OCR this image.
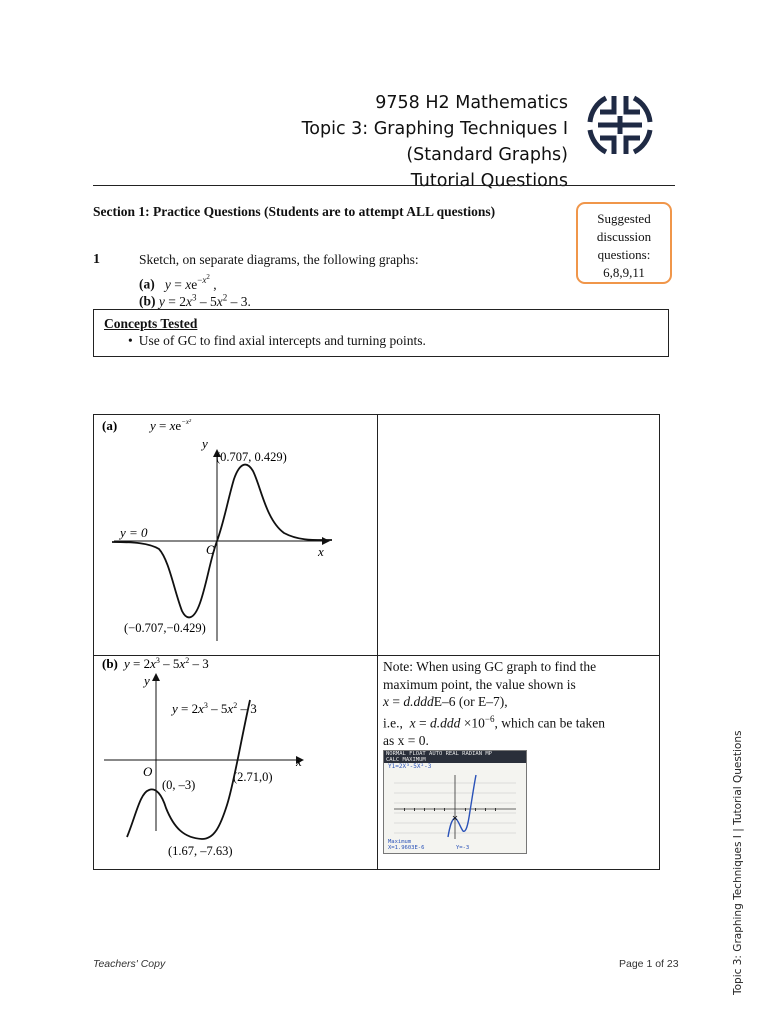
9758 H2 Mathematics
Topic 3: Graphing Techniques I
(Standard Graphs)
Tutorial Questions
Section 1: Practice Questions (Students are to attempt ALL questions)	Suggested
discussion
questions:
6,8,9,11
1	Sketch, on separate diagrams, the following graphs:
(a) $y = xe^{-x^2}$ ,
(b) $y = 2x^3 - 5x^2 - 3$.
Concepts Tested
• Use of GC to find axial intercepts and turning points.
(a)	$y = xe^{-x^2}$
y
x
O
y = 0
(0.707, 0.429)
(−0.707,−0.429)
(b) $y = 2x^3 - 5x^2 - 3$
y
x
O
$y = 2x^3 - 5x^2 - 3$
(0, –3)
(2.71,0)
(1.67, –7.63)
Note: When using GC graph to find the
maximum point, the value shown is
x = d.dddE–6 (or E–7),
i.e., $x = d.ddd \times 10^{-6}$, which can be taken
as x = 0.
NORMAL FLOAT AUTO REAL RADIAN MP
CALC MAXIMUM
Y1=2X³-5X²-3
Maximum
X=1.9603E-6	Y=-3
Teachers' Copy	Page 1 of 23	Topic 3: Graphing Techniques I | Tutorial Questions
